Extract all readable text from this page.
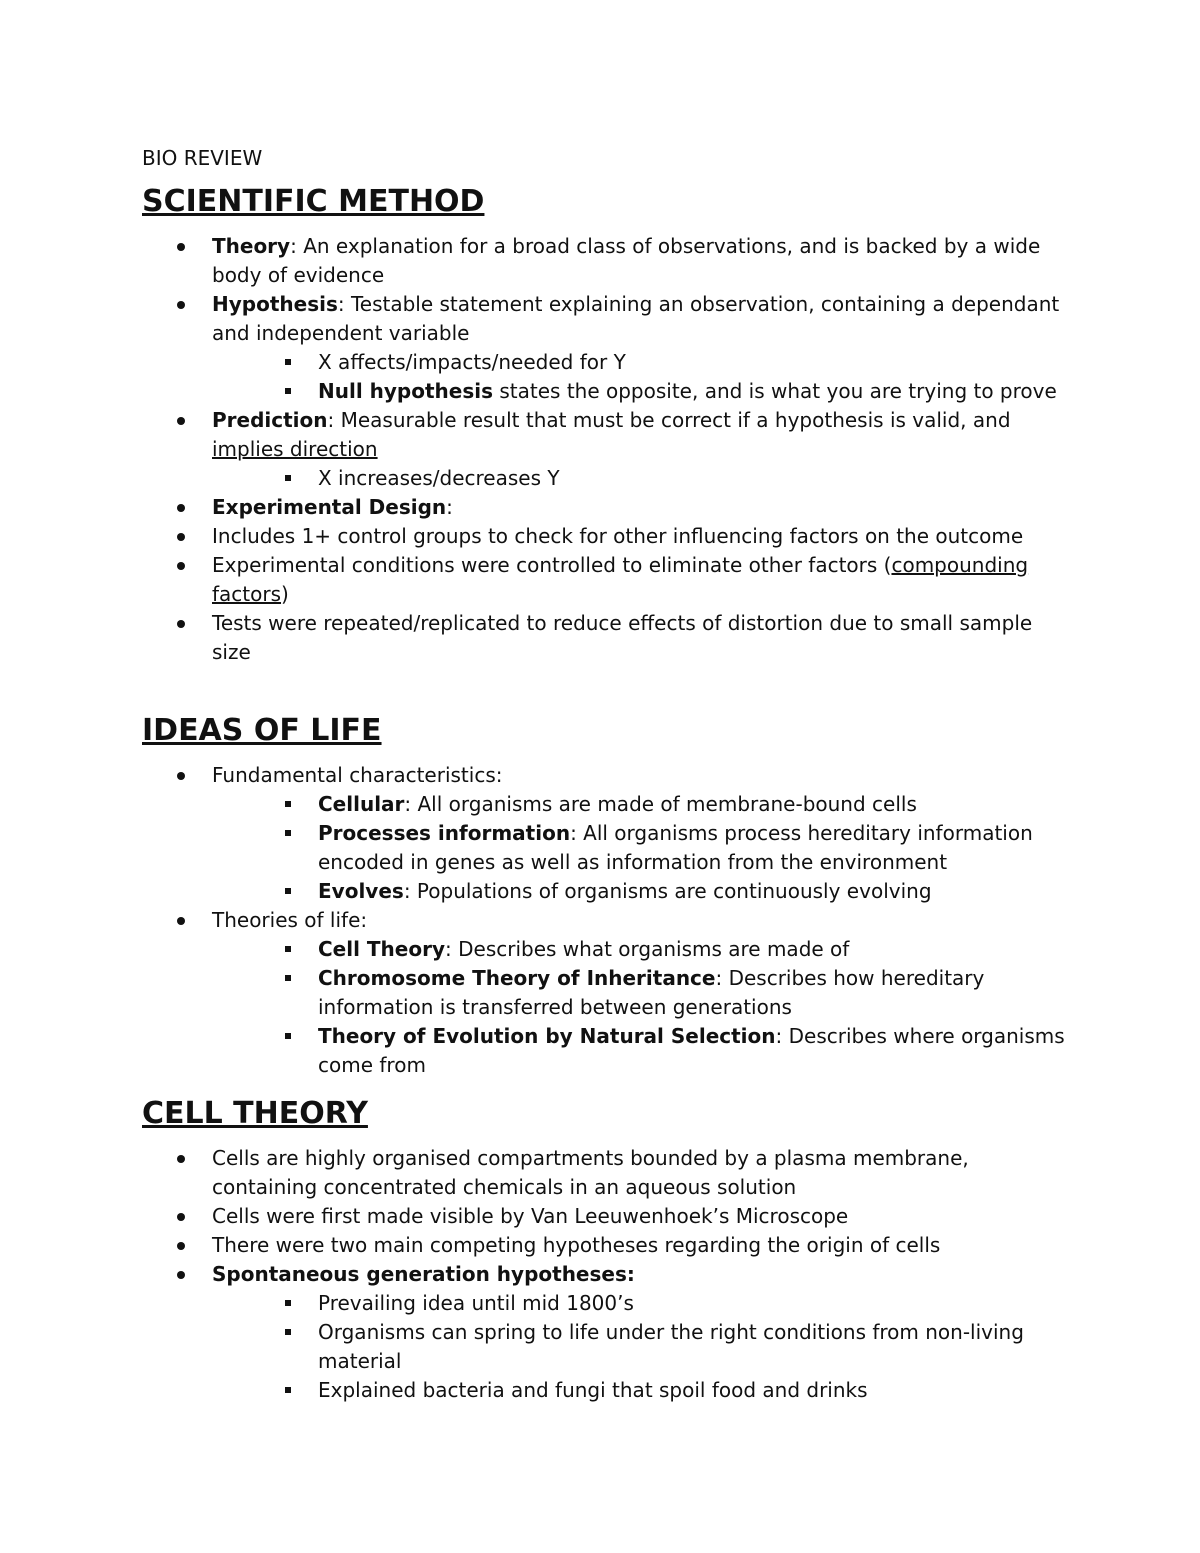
BIO REVIEW
SCIENTIFIC METHOD
Theory: An explanation for a broad class of observations, and is backed by a wide body of evidence
Hypothesis: Testable statement explaining an observation, containing a dependant and independent variable
X affects/impacts/needed for Y
Null hypothesis states the opposite, and is what you are trying to prove
Prediction: Measurable result that must be correct if a hypothesis is valid, and implies direction
X increases/decreases Y
Experimental Design:
Includes 1+ control groups to check for other influencing factors on the outcome
Experimental conditions were controlled to eliminate other factors (compounding factors)
Tests were repeated/replicated to reduce effects of distortion due to small sample size
IDEAS OF LIFE
Fundamental characteristics:
Cellular: All organisms are made of membrane-bound cells
Processes information: All organisms process hereditary information encoded in genes as well as information from the environment
Evolves: Populations of organisms are continuously evolving
Theories of life:
Cell Theory: Describes what organisms are made of
Chromosome Theory of Inheritance: Describes how hereditary information is transferred between generations
Theory of Evolution by Natural Selection: Describes where organisms come from
CELL THEORY
Cells are highly organised compartments bounded by a plasma membrane, containing concentrated chemicals in an aqueous solution
Cells were first made visible by Van Leeuwenhoek’s Microscope
There were two main competing hypotheses regarding the origin of cells
Spontaneous generation hypotheses:
Prevailing idea until mid 1800’s
Organisms can spring to life under the right conditions from non-living material
Explained bacteria and fungi that spoil food and drinks
